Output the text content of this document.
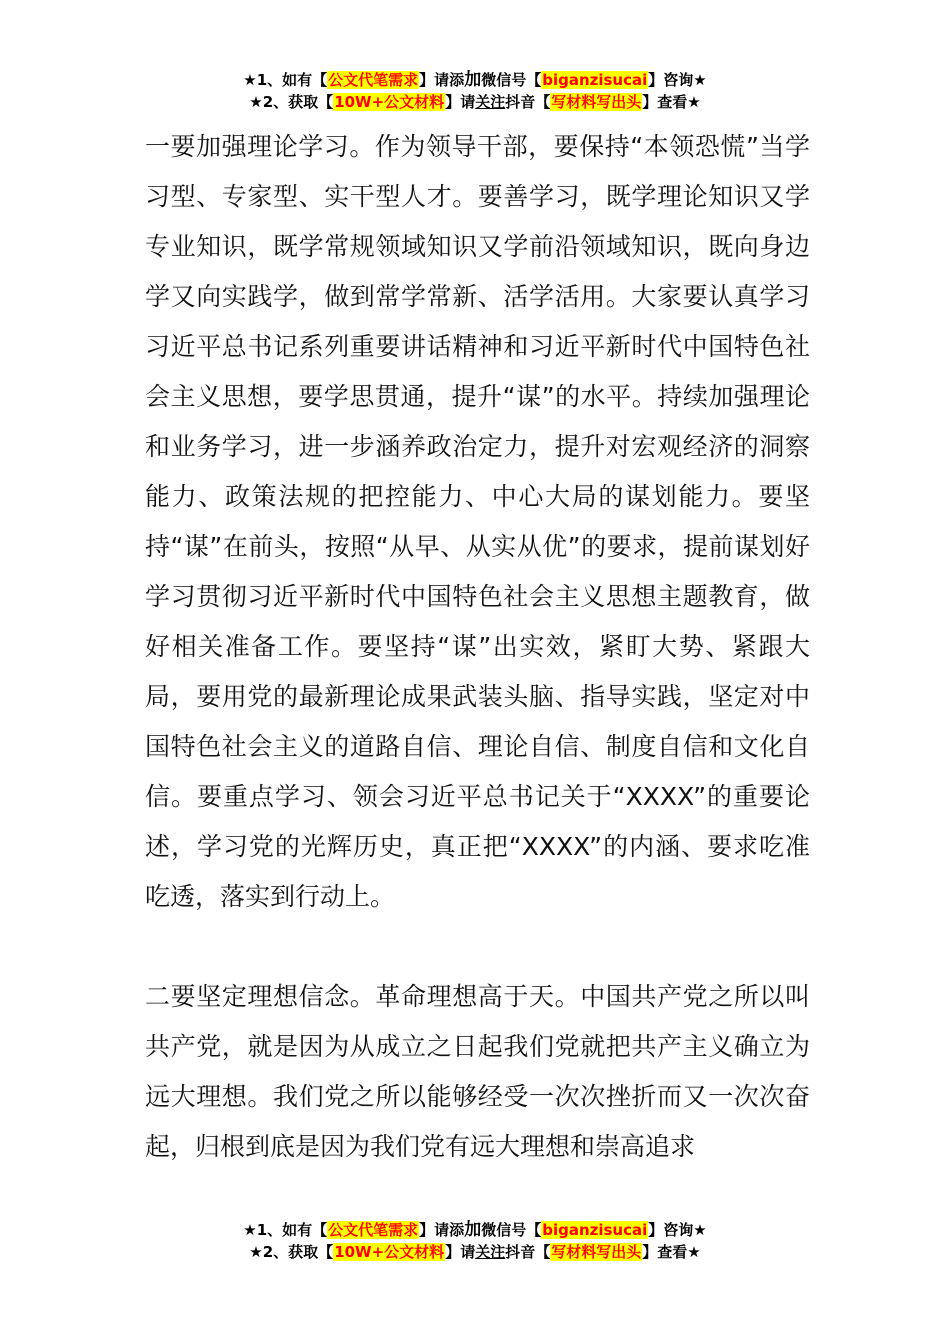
★1、如有【公文代笔需求】请添加微信号【biganzisucai】咨询★
★2、获取【10W+公文材料】请关注抖音【写材料写出头】查看★

一要加强理论学习。作为领导干部，要保持“本领恐慌”当学习型、专家型、实干型人才。要善学习，既学理论知识又学专业知识，既学常规领域知识又学前沿领域知识，既向身边学又向实践学，做到常学常新、活学活用。大家要认真学习习近平总书记系列重要讲话精神和习近平新时代中国特色社会主义思想，要学思贯通，提升“谋”的水平。持续加强理论和业务学习，进一步涵养政治定力，提升对宏观经济的洞察能力、政策法规的把控能力、中心大局的谋划能力。要坚持“谋”在前头，按照“从早、从实从优”的要求，提前谋划好学习贯彻习近平新时代中国特色社会主义思想主题教育，做好相关准备工作。要坚持“谋”出实效，紧盯大势、紧跟大局，要用党的最新理论成果武装头脑、指导实践，坚定对中国特色社会主义的道路自信、理论自信、制度自信和文化自信。要重点学习、领会习近平总书记关于“XXXX”的重要论述，学习党的光辉历史，真正把“XXXX”的内涵、要求吃准吃透，落实到行动上。

二要坚定理想信念。革命理想高于天。中国共产党之所以叫共产党，就是因为从成立之日起我们党就把共产主义确立为远大理想。我们党之所以能够经受一次次挫折而又一次次奋起，归根到底是因为我们党有远大理想和崇高追求

★1、如有【公文代笔需求】请添加微信号【biganzisucai】咨询★
★2、获取【10W+公文材料】请关注抖音【写材料写出头】查看★
